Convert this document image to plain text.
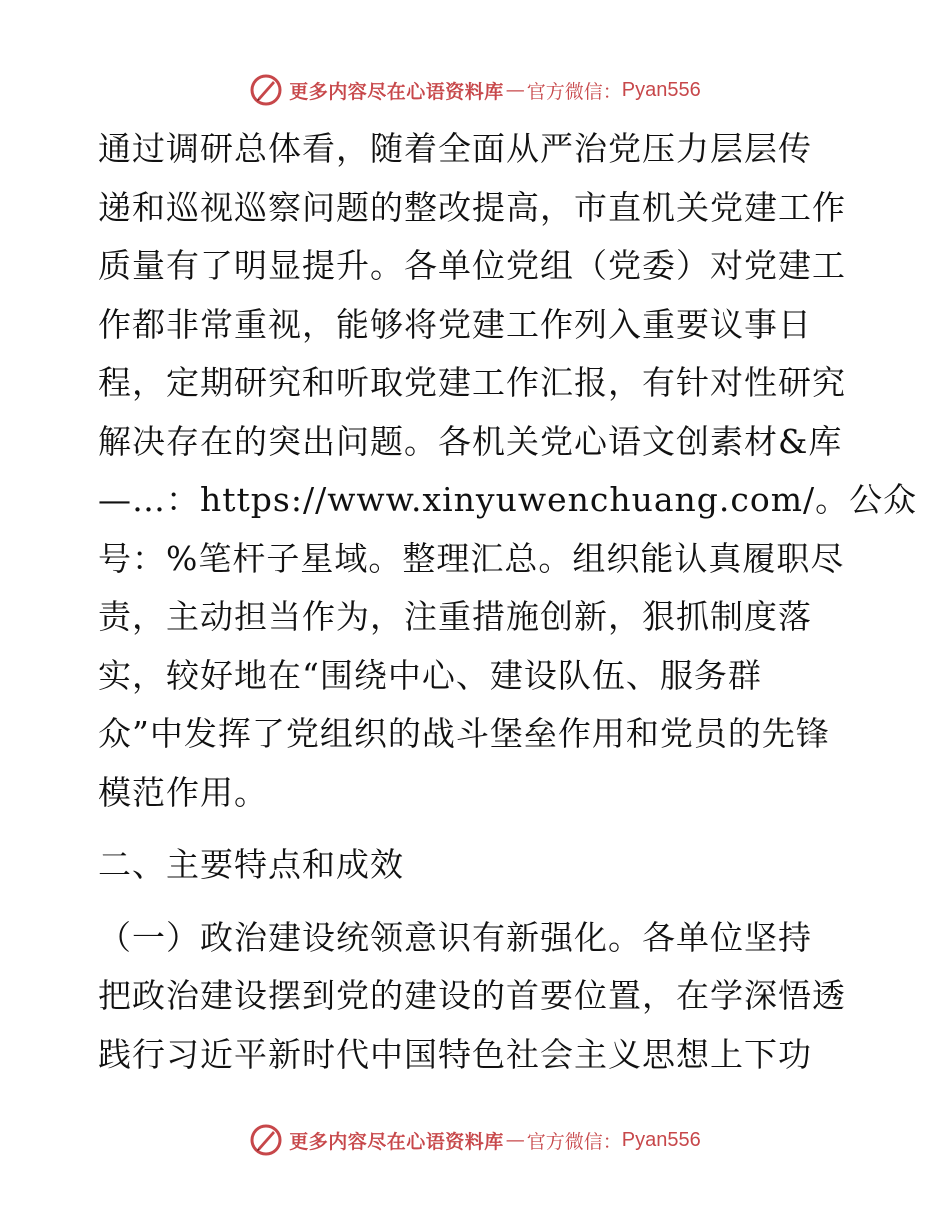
更多内容尽在心语资料库 — 官方微信： Pyan556

通过调研总体看，随着全面从严治党压力层层传
递和巡视巡察问题的整改提高，市直机关党建工作
质量有了明显提升。各单位党组（党委）对党建工
作都非常重视，能够将党建工作列入重要议事日
程，定期研究和听取党建工作汇报，有针对性研究
解决存在的突出问题。各机关党心语文创素材&库
—…：https://www.xinyuwenchuang.com/。公众
号：%笔杆子星域。整理汇总。组织能认真履职尽
责，主动担当作为，注重措施创新，狠抓制度落
实，较好地在“围绕中心、建设队伍、服务群
众”中发挥了党组织的战斗堡垒作用和党员的先锋
模范作用。

二、主要特点和成效

（一）政治建设统领意识有新强化。各单位坚持
把政治建设摆到党的建设的首要位置，在学深悟透
践行习近平新时代中国特色社会主义思想上下功

更多内容尽在心语资料库 — 官方微信： Pyan556
